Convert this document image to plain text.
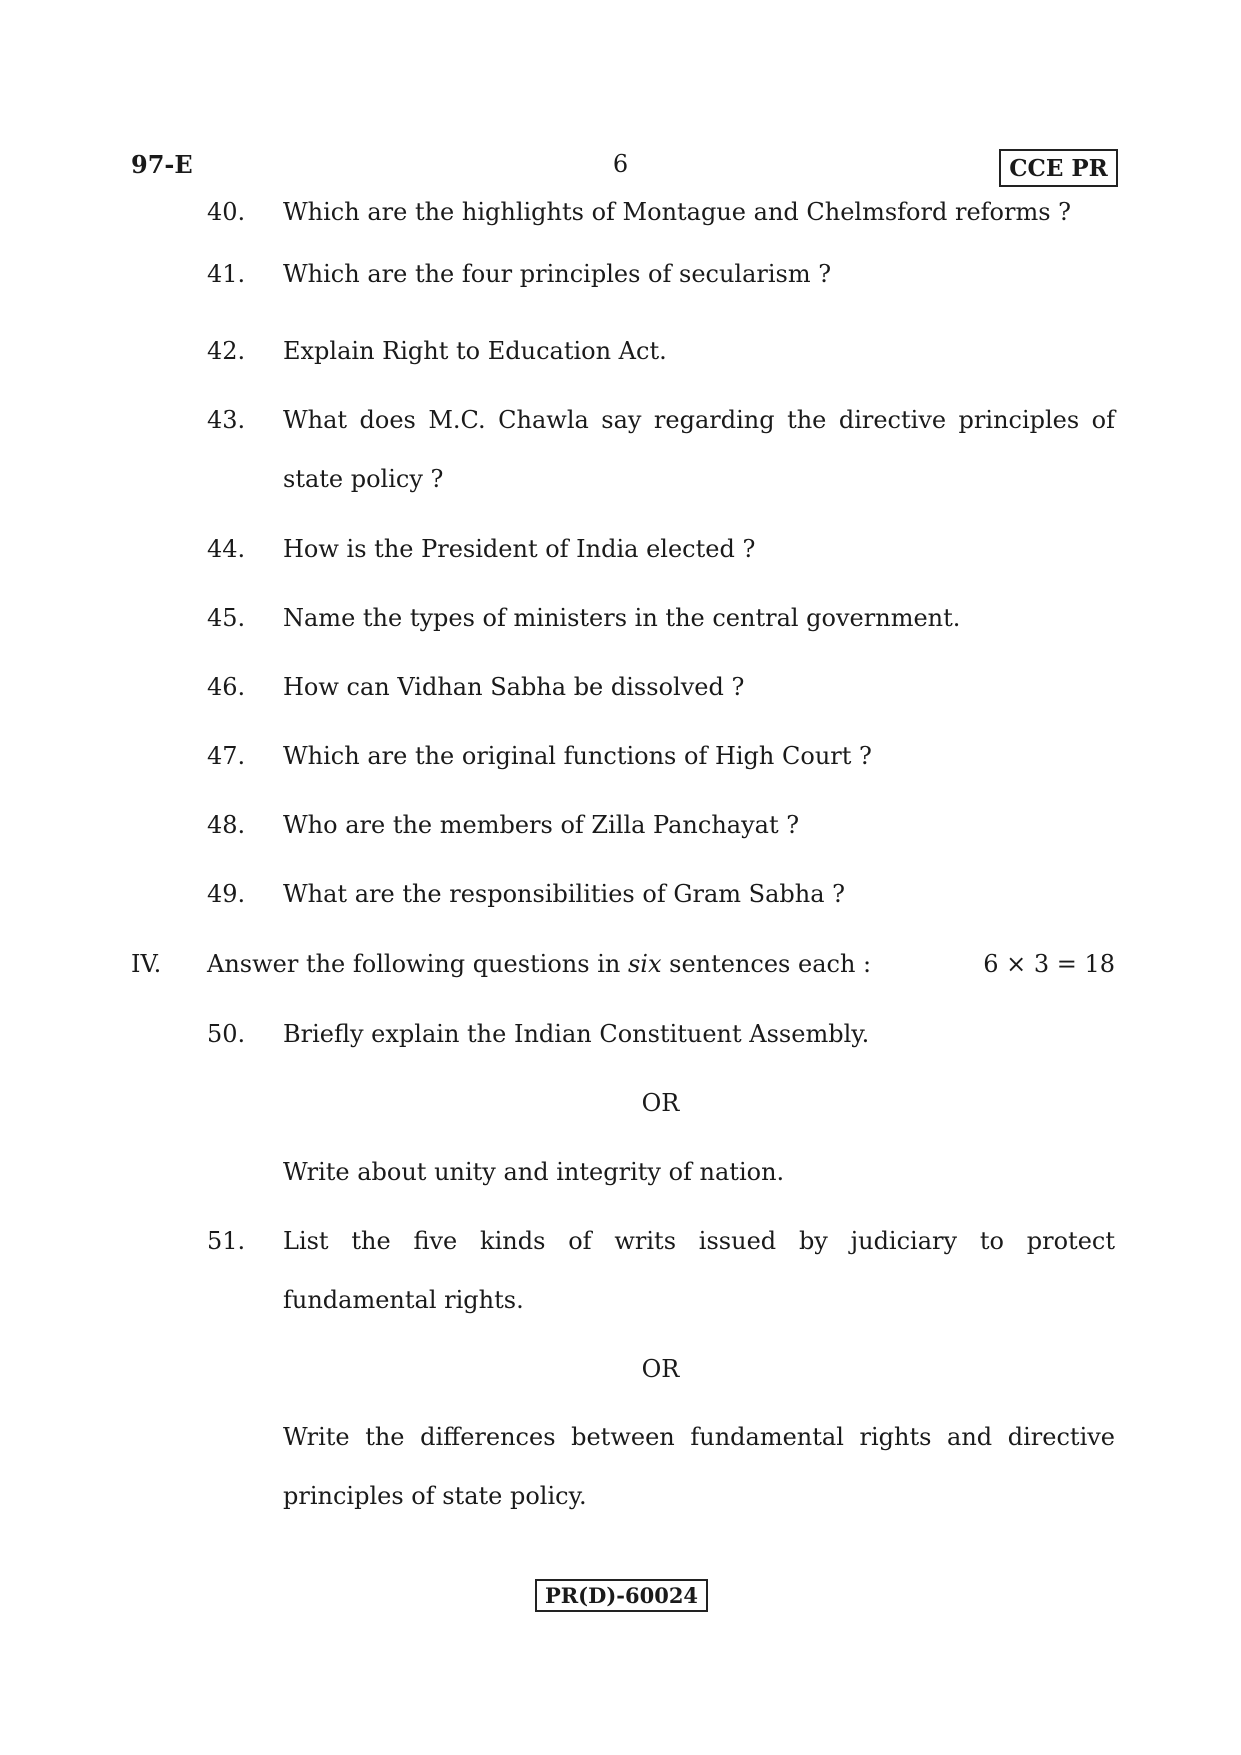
97-E	6	CCE PR
40.	Which are the highlights of Montague and Chelmsford reforms ?
41.	Which are the four principles of secularism ?
42.	Explain Right to Education Act.
43.	What does M.C. Chawla say regarding the directive principles of state policy ?
44.	How is the President of India elected ?
45.	Name the types of ministers in the central government.
46.	How can Vidhan Sabha be dissolved ?
47.	Which are the original functions of High Court ?
48.	Who are the members of Zilla Panchayat ?
49.	What are the responsibilities of Gram Sabha ?
IV. Answer the following questions in six sentences each :	6 × 3 = 18
50.	Briefly explain the Indian Constituent Assembly.
OR
Write about unity and integrity of nation.
51.	List the five kinds of writs issued by judiciary to protect fundamental rights.
OR
Write the differences between fundamental rights and directive principles of state policy.
PR(D)-60024
